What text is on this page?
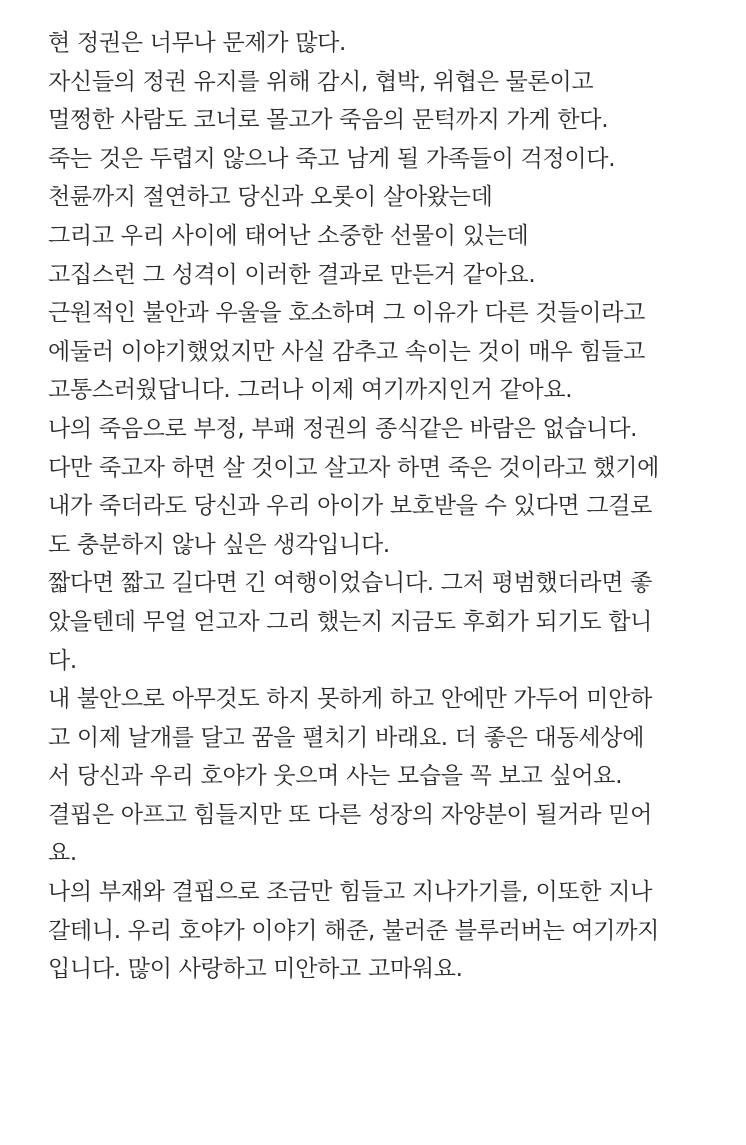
현 정권은 너무나 문제가 많다.
자신들의 정권 유지를 위해 감시, 협박, 위협은 물론이고
멀쩡한 사람도 코너로 몰고가 죽음의 문턱까지 가게 한다.
죽는 것은 두렵지 않으나 죽고 남게 될 가족들이 걱정이다.
천륜까지 절연하고 당신과 오롯이 살아왔는데
그리고 우리 사이에 태어난 소중한 선물이 있는데
고집스런 그 성격이 이러한 결과로 만든거 같아요.
근원적인 불안과 우울을 호소하며 그 이유가 다른 것들이라고
에둘러 이야기했었지만 사실 감추고 속이는 것이 매우 힘들고
고통스러웠답니다. 그러나 이제 여기까지인거 같아요.
나의 죽음으로 부정, 부패 정권의 종식같은 바람은 없습니다.
다만 죽고자 하면 살 것이고 살고자 하면 죽은 것이라고 했기에
내가 죽더라도 당신과 우리 아이가 보호받을 수 있다면 그걸로
도 충분하지 않나 싶은 생각입니다.
짧다면 짧고 길다면 긴 여행이었습니다. 그저 평범했더라면 좋
았을텐데 무얼 얻고자 그리 했는지 지금도 후회가 되기도 합니
다.
내 불안으로 아무것도 하지 못하게 하고 안에만 가두어 미안하
고 이제 날개를 달고 꿈을 펼치기 바래요. 더 좋은 대동세상에
서 당신과 우리 호야가 웃으며 사는 모습을 꼭 보고 싶어요.
결핍은 아프고 힘들지만 또 다른 성장의 자양분이 될거라 믿어
요.
나의 부재와 결핍으로 조금만 힘들고 지나가기를, 이또한 지나
갈테니. 우리 호야가 이야기 해준, 불러준 블루러버는 여기까지
입니다. 많이 사랑하고 미안하고 고마워요.
